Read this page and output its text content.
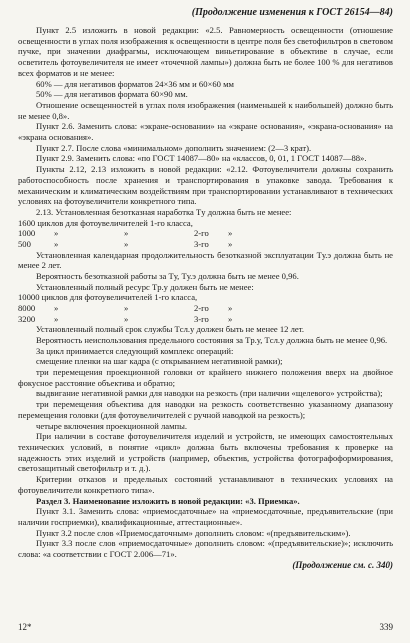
(Продолжение изменения к ГОСТ 26154—84)
Пункт 2.5 изложить в новой редакции: «2.5. Равномерность освещенности (отношение освещенности в углах поля изображения к освещенности в центре поля без светофильтров в световом пучке, при значении диафрагмы, исключающем виньетирование в объективе в случае, если осветитель фотоувеличителя не имеет «точечной лампы») должна быть не более 100 % для негативов всех форматов и не менее:
60% — для негативов форматов 24×36 мм и 60×60 мм
50% — для негативов формата 60×90 мм.
Отношение освещенностей в углах поля изображения (наименьшей к наибольшей) должно быть не менее 0,8».
Пункт 2.6. Заменить слова: «экране-основании» на «экране основания», «экрана-основания» на «экрана основания».
Пункт 2.7. После слова «минимальном» дополнить значением: (2—3 крат).
Пункт 2.9. Заменить слова: «по ГОСТ 14087—80» на «классов, 0, 01, 1 ГОСТ 14087—88».
Пункты 2.12, 2.13 изложить в новой редакции: «2.12. Фотоувеличители должны сохранить работоспособность после хранения и транспортирования в упаковке завода. Требования к механическим и климатическим воздействиям при транспортировании устанавливают в технических условиях на фотоувеличители конкретного типа.
2.13. Установленная безотказная наработка Tу должна быть не менее:
1600 циклов для фотоувеличителей 1-го класса,
1000	»	»	2-го	»
500	»	»	3-го	»
Установленная календарная продолжительность безотказной эксплуатации Tу.э должна быть не менее 2 лет.
Вероятность безотказной работы за Tу, Tу.э должна быть не менее 0,96.
Установленный полный ресурс Tр.у должен быть не менее:
10000 циклов для фотоувеличителей 1-го класса,
8000	»	»	2-го	»
3200	»	»	3-го	»
Установленный полный срок службы Tсл.у должен быть не менее 12 лет.
Вероятность неиспользования предельного состояния за Tр.у, Tсл.у должна быть не менее 0,96.
За цикл принимается следующий комплекс операций:
смещение пленки на шаг кадра (с открыванием негативной рамки);
три перемещения проекционной головки от крайнего нижнего положения вверх на двойное фокусное расстояние объектива и обратно;
выдвигание негативной рамки для наводки на резкость (при наличии «щелевого» устройства);
три перемещения объектива для наводки на резкость соответственно указанному диапазону перемещения головки (для фотоувеличителей с ручной наводкой на резкость);
четыре включения проекционной лампы.
При наличии в составе фотоувеличителя изделий и устройств, не имеющих самостоятельных технических условий, в понятие «цикл» должна быть включены требования к проверке на надежность этих изделий и устройств (например, объектив, устройства фотографоформирования, светозащитный светофильтр и т. д.).
Критерии отказов и предельных состояний устанавливают в технических условиях на фотоувеличители конкретного типа».
Раздел 3. Наименование изложить в новой редакции: «3. Приемка».
Пункт 3.1. Заменить слова: «приемосдаточные» на «приемосдаточные, предъявительские (при наличии госприемки), квалификационные, аттестационные».
Пункт 3.2 после слов «Приемосдаточным» дополнить словом: «(предъявительским»).
Пункт 3.3 после слов «приемосдаточные» дополнить словом: «(предъявительские)»; исключить слова: «а соответствии с ГОСТ 2.006—71».
(Продолжение см. с. 340)
12*	339
